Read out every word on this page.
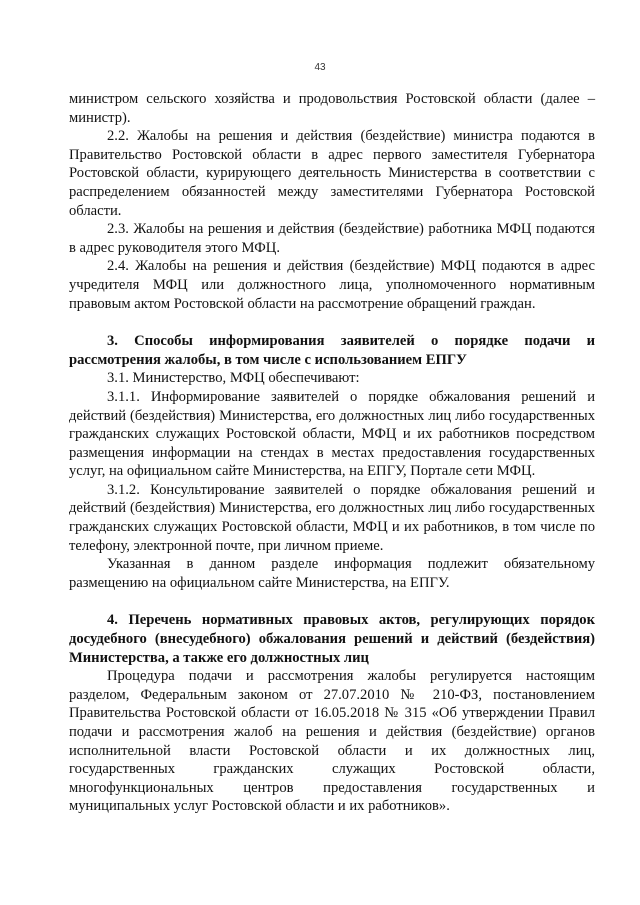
43

министром сельского хозяйства и продовольствия Ростовской области (далее – министр).

2.2. Жалобы на решения и действия (бездействие) министра подаются в Правительство Ростовской области в адрес первого заместителя Губернатора Ростовской области, курирующего деятельность Министерства в соответствии с распределением обязанностей между заместителями Губернатора Ростовской области.

2.3. Жалобы на решения и действия (бездействие) работника МФЦ подаются в адрес руководителя этого МФЦ.

2.4. Жалобы на решения и действия (бездействие) МФЦ подаются в адрес учредителя МФЦ или должностного лица, уполномоченного нормативным правовым актом Ростовской области на рассмотрение обращений граждан.

3. Способы информирования заявителей о порядке подачи и рассмотрения жалобы, в том числе с использованием ЕПГУ

3.1. Министерство, МФЦ обеспечивают:

3.1.1. Информирование заявителей о порядке обжалования решений и действий (бездействия) Министерства, его должностных лиц либо государственных гражданских служащих Ростовской области, МФЦ и их работников посредством размещения информации на стендах в местах предоставления государственных услуг, на официальном сайте Министерства, на ЕПГУ, Портале сети МФЦ.

3.1.2. Консультирование заявителей о порядке обжалования решений и действий (бездействия) Министерства, его должностных лиц либо государственных гражданских служащих Ростовской области, МФЦ и их работников, в том числе по телефону, электронной почте, при личном приеме.

Указанная в данном разделе информация подлежит обязательному размещению на официальном сайте Министерства, на ЕПГУ.

4. Перечень нормативных правовых актов, регулирующих порядок досудебного (внесудебного) обжалования решений и действий (бездействия) Министерства, а также его должностных лиц

Процедура подачи и рассмотрения жалобы регулируется настоящим разделом, Федеральным законом от 27.07.2010 № 210-ФЗ, постановлением Правительства Ростовской области от 16.05.2018 № 315 «Об утверждении Правил подачи и рассмотрения жалоб на решения и действия (бездействие) органов исполнительной власти Ростовской области и их должностных лиц, государственных гражданских служащих Ростовской области, многофункциональных центров предоставления государственных и муниципальных услуг Ростовской области и их работников».
